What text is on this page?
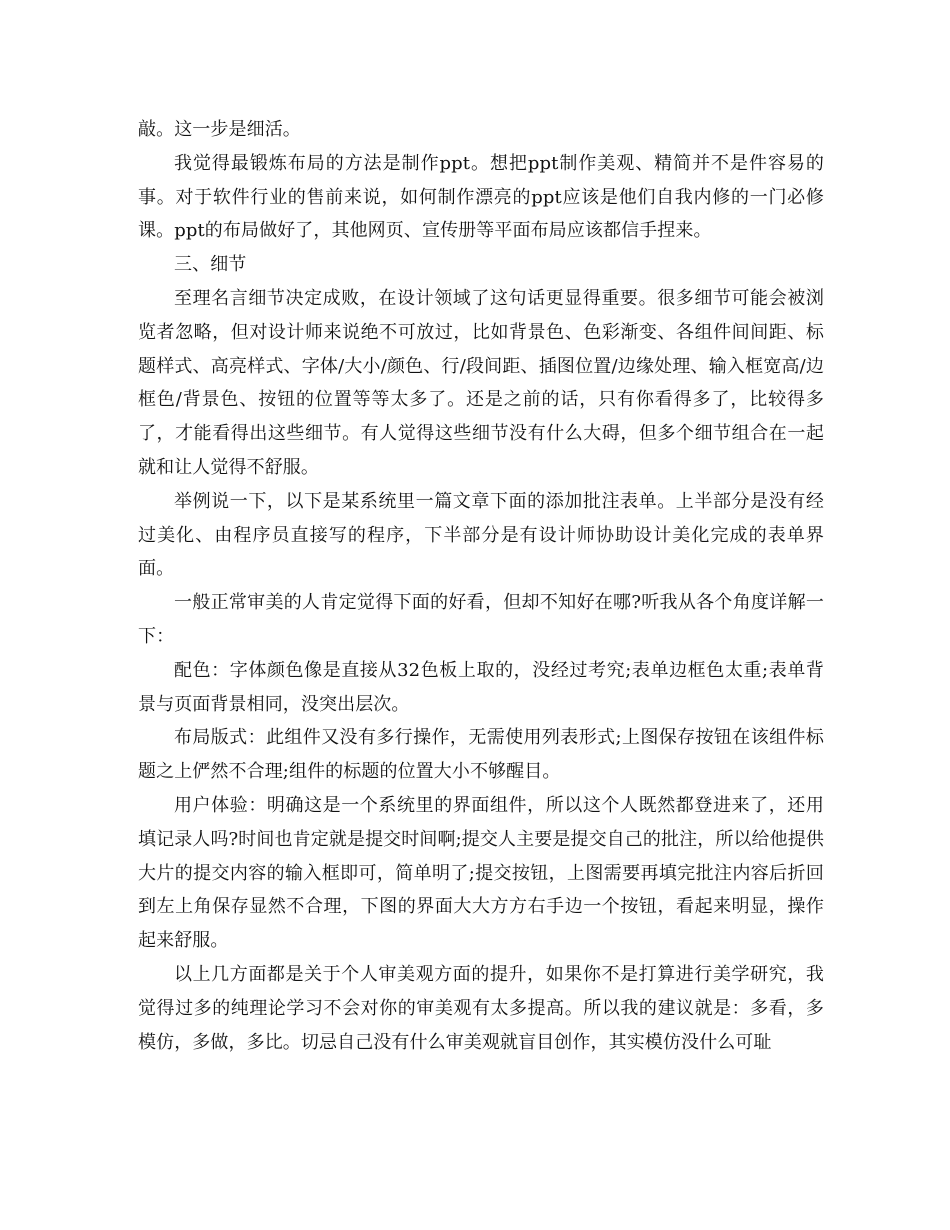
敲。这一步是细活。

我觉得最锻炼布局的方法是制作ppt。想把ppt制作美观、精简并不是件容易的事。对于软件行业的售前来说，如何制作漂亮的ppt应该是他们自我内修的一门必修课。ppt的布局做好了，其他网页、宣传册等平面布局应该都信手捏来。

三、细节

至理名言细节决定成败，在设计领域了这句话更显得重要。很多细节可能会被浏览者忽略，但对设计师来说绝不可放过，比如背景色、色彩渐变、各组件间间距、标题样式、高亮样式、字体/大小/颜色、行/段间距、插图位置/边缘处理、输入框宽高/边框色/背景色、按钮的位置等等太多了。还是之前的话，只有你看得多了，比较得多了，才能看得出这些细节。有人觉得这些细节没有什么大碍，但多个细节组合在一起就和让人觉得不舒服。

举例说一下，以下是某系统里一篇文章下面的添加批注表单。上半部分是没有经过美化、由程序员直接写的程序，下半部分是有设计师协助设计美化完成的表单界面。

一般正常审美的人肯定觉得下面的好看，但却不知好在哪?听我从各个角度详解一下：

配色：字体颜色像是直接从32色板上取的，没经过考究;表单边框色太重;表单背景与页面背景相同，没突出层次。

布局版式：此组件又没有多行操作，无需使用列表形式;上图保存按钮在该组件标题之上俨然不合理;组件的标题的位置大小不够醒目。

用户体验：明确这是一个系统里的界面组件，所以这个人既然都登进来了，还用填记录人吗?时间也肯定就是提交时间啊;提交人主要是提交自己的批注，所以给他提供大片的提交内容的输入框即可，简单明了;提交按钮，上图需要再填完批注内容后折回到左上角保存显然不合理，下图的界面大大方方右手边一个按钮，看起来明显，操作起来舒服。

以上几方面都是关于个人审美观方面的提升，如果你不是打算进行美学研究，我觉得过多的纯理论学习不会对你的审美观有太多提高。所以我的建议就是：多看，多模仿，多做，多比。切忌自己没有什么审美观就盲目创作，其实模仿没什么可耻
